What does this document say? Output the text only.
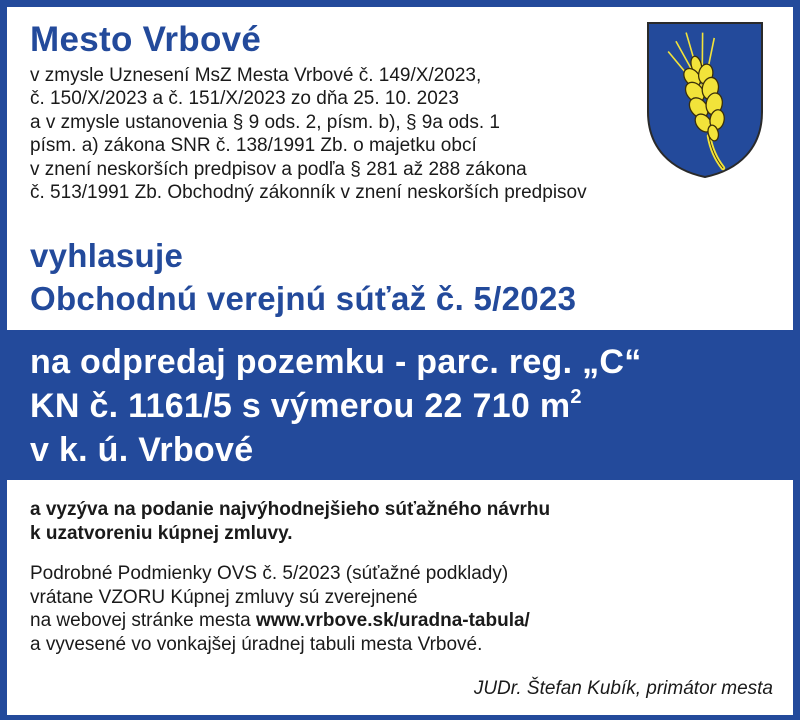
Mesto Vrbové
v zmysle Uznesení MsZ Mesta Vrbové č. 149/X/2023,
č. 150/X/2023 a č. 151/X/2023 zo dňa 25. 10. 2023
a v zmysle ustanovenia § 9 ods. 2, písm. b), § 9a ods. 1
písm. a) zákona SNR č. 138/1991 Zb. o majetku obcí
v znení neskorších predpisov a podľa § 281 až 288 zákona
č. 513/1991 Zb. Obchodný zákonník v znení neskorších predpisov
vyhlasuje
Obchodnú verejnú súťaž č. 5/2023
na odpredaj pozemku - parc. reg. „C“
KN č. 1161/5 s výmerou 22 710 $m^2$
v k. ú. Vrbové
a vyzýva na podanie najvýhodnejšieho súťažného návrhu
k uzatvoreniu kúpnej zmluvy.
Podrobné Podmienky OVS č. 5/2023 (súťažné podklady)
vrátane VZORU Kúpnej zmluvy sú zverejnené
na webovej stránke mesta www.vrbove.sk/uradna-tabula/
a vyvesené vo vonkajšej úradnej tabuli mesta Vrbové.
JUDr. Štefan Kubík, primátor mesta
